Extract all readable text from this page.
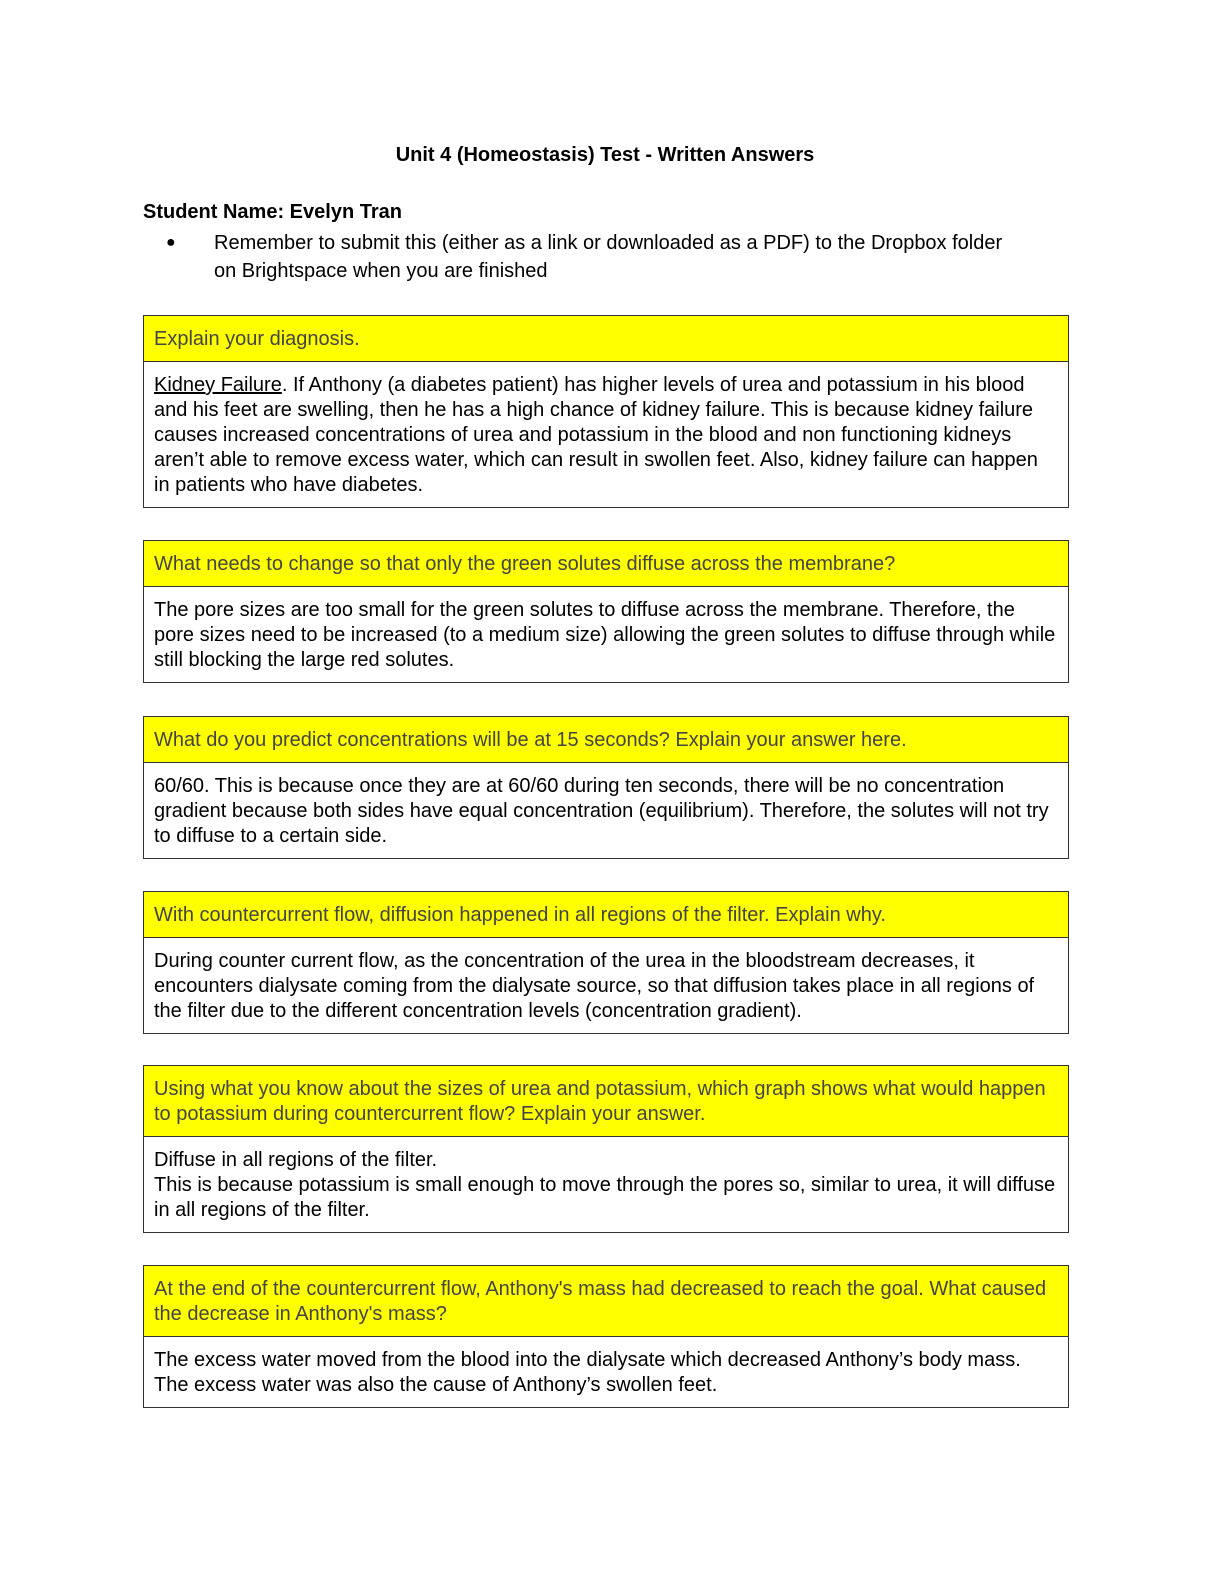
Unit 4 (Homeostasis) Test - Written Answers
Student Name: Evelyn Tran
● Remember to submit this (either as a link or downloaded as a PDF) to the Dropbox folder on Brightspace when you are finished
Explain your diagnosis.
Kidney Failure. If Anthony (a diabetes patient) has higher levels of urea and potassium in his blood and his feet are swelling, then he has a high chance of kidney failure. This is because kidney failure causes increased concentrations of urea and potassium in the blood and non functioning kidneys aren’t able to remove excess water, which can result in swollen feet. Also, kidney failure can happen in patients who have diabetes.
What needs to change so that only the green solutes diffuse across the membrane?
The pore sizes are too small for the green solutes to diffuse across the membrane. Therefore, the pore sizes need to be increased (to a medium size) allowing the green solutes to diffuse through while still blocking the large red solutes.
What do you predict concentrations will be at 15 seconds? Explain your answer here.
60/60. This is because once they are at 60/60 during ten seconds, there will be no concentration gradient because both sides have equal concentration (equilibrium). Therefore, the solutes will not try to diffuse to a certain side.
With countercurrent flow, diffusion happened in all regions of the filter. Explain why.
During counter current flow, as the concentration of the urea in the bloodstream decreases, it encounters dialysate coming from the dialysate source, so that diffusion takes place in all regions of the filter due to the different concentration levels (concentration gradient).
Using what you know about the sizes of urea and potassium, which graph shows what would happen to potassium during countercurrent flow? Explain your answer.
Diffuse in all regions of the filter.
This is because potassium is small enough to move through the pores so, similar to urea, it will diffuse in all regions of the filter.
At the end of the countercurrent flow, Anthony's mass had decreased to reach the goal. What caused the decrease in Anthony's mass?
The excess water moved from the blood into the dialysate which decreased Anthony’s body mass. The excess water was also the cause of Anthony’s swollen feet.
